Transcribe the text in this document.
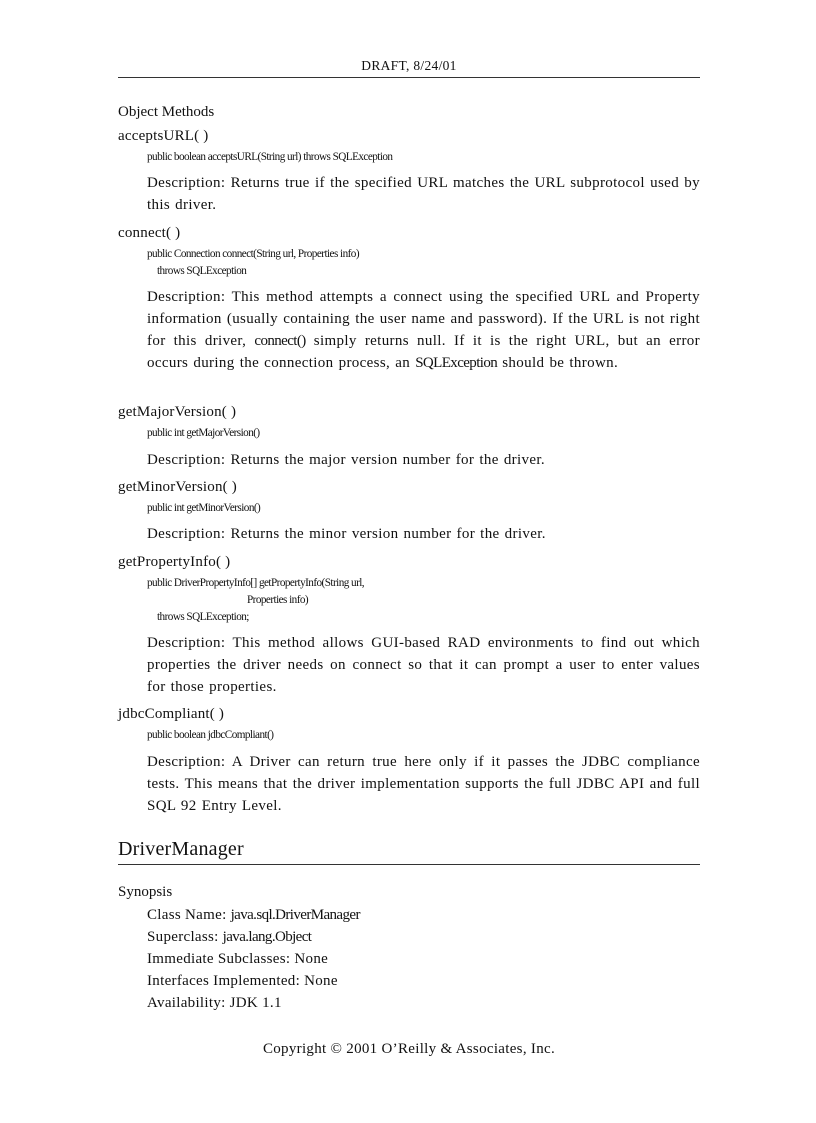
DRAFT, 8/24/01
Object Methods
acceptsURL( )
public boolean acceptsURL(String url) throws SQLException
Description: Returns true if the specified URL matches the URL subprotocol used by this driver.
connect( )
public Connection connect(String url, Properties info)
throws SQLException
Description: This method attempts a connect using the specified URL and Property information (usually containing the user name and password). If the URL is not right for this driver, connect() simply returns null. If it is the right URL, but an error occurs during the connection process, an SQLException should be thrown.
getMajorVersion( )
public int getMajorVersion()
Description: Returns the major version number for the driver.
getMinorVersion( )
public int getMinorVersion()
Description: Returns the minor version number for the driver.
getPropertyInfo( )
public DriverPropertyInfo[] getPropertyInfo(String url,
Properties info)
throws SQLException;
Description: This method allows GUI-based RAD environments to find out which properties the driver needs on connect so that it can prompt a user to enter values for those properties.
jdbcCompliant( )
public boolean jdbcCompliant()
Description: A Driver can return true here only if it passes the JDBC compliance tests. This means that the driver implementation supports the full JDBC API and full SQL 92 Entry Level.
DriverManager
Synopsis
Class Name: java.sql.DriverManager
Superclass: java.lang.Object
Immediate Subclasses: None
Interfaces Implemented: None
Availability: JDK 1.1
Copyright © 2001 O’Reilly & Associates, Inc.
